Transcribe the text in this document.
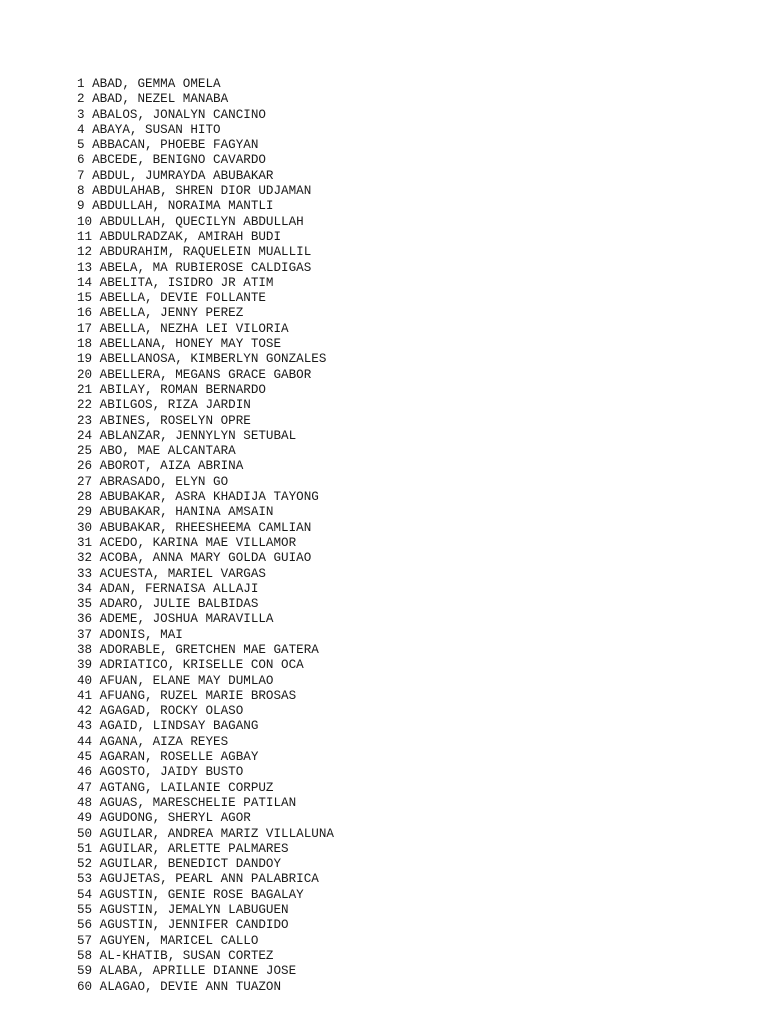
1 ABAD, GEMMA OMELA
2 ABAD, NEZEL MANABA
3 ABALOS, JONALYN CANCINO
4 ABAYA, SUSAN HITO
5 ABBACAN, PHOEBE FAGYAN
6 ABCEDE, BENIGNO CAVARDO
7 ABDUL, JUMRAYDA ABUBAKAR
8 ABDULAHAB, SHREN DIOR UDJAMAN
9 ABDULLAH, NORAIMA MANTLI
10 ABDULLAH, QUECILYN ABDULLAH
11 ABDULRADZAK, AMIRAH BUDI
12 ABDURAHIM, RAQUELEIN MUALLIL
13 ABELA, MA RUBIEROSE CALDIGAS
14 ABELITA, ISIDRO JR ATIM
15 ABELLA, DEVIE FOLLANTE
16 ABELLA, JENNY PEREZ
17 ABELLA, NEZHA LEI VILORIA
18 ABELLANA, HONEY MAY TOSE
19 ABELLANOSA, KIMBERLYN GONZALES
20 ABELLERA, MEGANS GRACE GABOR
21 ABILAY, ROMAN BERNARDO
22 ABILGOS, RIZA JARDIN
23 ABINES, ROSELYN OPRE
24 ABLANZAR, JENNYLYN SETUBAL
25 ABO, MAE ALCANTARA
26 ABOROT, AIZA ABRINA
27 ABRASADO, ELYN GO
28 ABUBAKAR, ASRA KHADIJA TAYONG
29 ABUBAKAR, HANINA AMSAIN
30 ABUBAKAR, RHEESHEEMA CAMLIAN
31 ACEDO, KARINA MAE VILLAMOR
32 ACOBA, ANNA MARY GOLDA GUIAO
33 ACUESTA, MARIEL VARGAS
34 ADAN, FERNAISA ALLAJI
35 ADARO, JULIE BALBIDAS
36 ADEME, JOSHUA MARAVILLA
37 ADONIS, MAI
38 ADORABLE, GRETCHEN MAE GATERA
39 ADRIATICO, KRISELLE CON OCA
40 AFUAN, ELANE MAY DUMLAO
41 AFUANG, RUZEL MARIE BROSAS
42 AGAGAD, ROCKY OLASO
43 AGAID, LINDSAY BAGANG
44 AGANA, AIZA REYES
45 AGARAN, ROSELLE AGBAY
46 AGOSTO, JAIDY BUSTO
47 AGTANG, LAILANIE CORPUZ
48 AGUAS, MARESCHELIE PATILAN
49 AGUDONG, SHERYL AGOR
50 AGUILAR, ANDREA MARIZ VILLALUNA
51 AGUILAR, ARLETTE PALMARES
52 AGUILAR, BENEDICT DANDOY
53 AGUJETAS, PEARL ANN PALABRICA
54 AGUSTIN, GENIE ROSE BAGALAY
55 AGUSTIN, JEMALYN LABUGUEN
56 AGUSTIN, JENNIFER CANDIDO
57 AGUYEN, MARICEL CALLO
58 AL-KHATIB, SUSAN CORTEZ
59 ALABA, APRILLE DIANNE JOSE
60 ALAGAO, DEVIE ANN TUAZON
